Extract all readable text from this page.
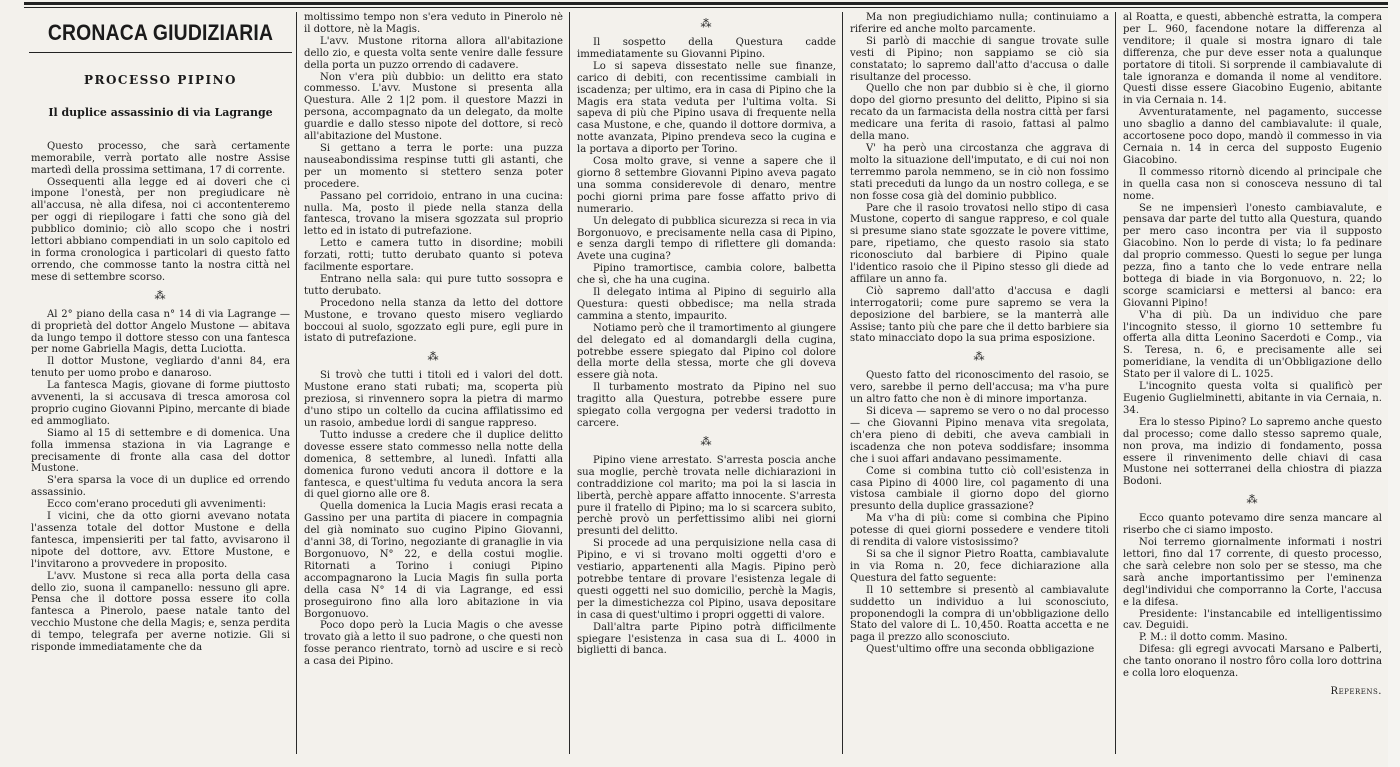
CRONACA GIUDIZIARIA
PROCESSO PIPINO
Il duplice assassinio di via Lagrange

Questo processo, che sarà certamente memorabile, verrà portato alle nostre Assise martedì della prossima settimana, 17 di corrente.

Ossequenti alla legge ed ai doveri che ci impone l'onestà, per non pregiudicare nè all'accusa, nè alla difesa, noi ci accontenteremo per oggi di riepilogare i fatti che sono già del pubblico dominio; ciò allo scopo che i nostri lettori abbiano compendiati in un solo capitolo ed in forma cronologica i particolari di questo fatto orrendo, che commosse tanto la nostra città nel mese di settembre scorso.

⁂

Al 2° piano della casa n° 14 di via Lagrange — di proprietà del dottor Angelo Mustone — abitava da lungo tempo il dottore stesso con una fantesca per nome Gabriella Magis, detta Luciotta.

Il dottor Mustone, vegliardo d'anni 84, era tenuto per uomo probo e danaroso.

La fantesca Magis, giovane di forme piuttosto avvenenti, la si accusava di tresca amorosa col proprio cugino Giovanni Pipino, mercante di biade ed ammogliato.

Siamo al 15 di settembre e di domenica. Una folla immensa staziona in via Lagrange e precisamente di fronte alla casa del dottor Mustone.

S'era sparsa la voce di un duplice ed orrendo assassinio.

Ecco com'erano proceduti gli avvenimenti:

I vicini, che da otto giorni avevano notata l'assenza totale del dottor Mustone e della fantesca, impensieriti per tal fatto, avvisarono il nipote del dottore, avv. Ettore Mustone, e l'invitarono a provvedere in proposito.

L'avv. Mustone si reca alla porta della casa dello zio, suona il campanello: nessuno gli apre. Pensa che il dottore possa essere ito colla fantesca a Pinerolo, paese natale tanto del vecchio Mustone che della Magis; e, senza perdita di tempo, telegrafa per averne notizie. Gli si risponde immediatamente che da

moltissimo tempo non s'era veduto in Pinerolo nè il dottore, nè la Magis.

L'avv. Mustone ritorna allora all'abitazione dello zio, e questa volta sente venire dalle fessure della porta un puzzo orrendo di cadavere.

Non v'era più dubbio: un delitto era stato commesso. L'avv. Mustone si presenta alla Questura. Alle 2 1|2 pom. il questore Mazzi in persona, accompagnato da un delegato, da molte guardie e dallo stesso nipote del dottore, si recò all'abitazione del Mustone.

Si gettano a terra le porte: una puzza nauseabondissima respinse tutti gli astanti, che per un momento si stettero senza poter procedere.

Passano pel corridoio, entrano in una cucina: nulla. Ma, posto il piede nella stanza della fantesca, trovano la misera sgozzata sul proprio letto ed in istato di putrefazione.

Letto e camera tutto in disordine; mobili forzati, rotti; tutto derubato quanto si poteva facilmente esportare.

Entrano nella sala: qui pure tutto sossopra e tutto derubato.

Procedono nella stanza da letto del dottore Mustone, e trovano questo misero vegliardo boccoui al suolo, sgozzato egli pure, egli pure in istato di putrefazione.

⁂

Si trovò che tutti i titoli ed i valori del dott. Mustone erano stati rubati; ma, scoperta più preziosa, si rinvennero sopra la pietra di marmo d'uno stipo un coltello da cucina affilatissimo ed un rasoio, ambedue lordi di sangue rappreso.

Tutto indusse a credere che il duplice delitto dovesse essere stato commesso nella notte della domenica, 8 settembre, al lunedì. Infatti alla domenica furono veduti ancora il dottore e la fantesca, e quest'ultima fu veduta ancora la sera di quel giorno alle ore 8.

Quella domenica la Lucia Magis erasi recata a Gassino per una partita di piacere in compagnia del già nominato suo cugino Pipino Giovanni, d'anni 38, di Torino, negoziante di granaglie in via Borgonuovo, N° 22, e della costui moglie. Ritornati a Torino i coniugi Pipino accompagnarono la Lucia Magis fin sulla porta della casa N° 14 di via Lagrange, ed essi proseguirono fino alla loro abitazione in via Borgonuovo.

Poco dopo però la Lucia Magis o che avesse trovato già a letto il suo padrone, o che questi non fosse peranco rientrato, tornò ad uscire e si recò a casa dei Pipino.

⁂

Il sospetto della Questura cadde immediatamente su Giovanni Pipino.

Lo si sapeva dissestato nelle sue finanze, carico di debiti, con recentissime cambiali in iscadenza; per ultimo, era in casa di Pipino che la Magis era stata veduta per l'ultima volta. Si sapeva di più che Pipino usava di frequente nella casa Mustone, e che, quando il dottore dormiva, a notte avanzata, Pipino prendeva seco la cugina e la portava a diporto per Torino.

Cosa molto grave, si venne a sapere che il giorno 8 settembre Giovanni Pipino aveva pagato una somma considerevole di denaro, mentre pochi giorni prima pare fosse affatto privo di numerario.

Un delegato di pubblica sicurezza si reca in via Borgonuovo, e precisamente nella casa di Pipino, e senza dargli tempo di riflettere gli domanda: Avete una cugina?

Pipino tramortisce, cambia colore, balbetta che sì, che ha una cugina.

Il delegato intima al Pipino di seguirlo alla Questura: questi obbedisce; ma nella strada cammina a stento, impaurito.

Notiamo però che il tramortimento al giungere del delegato ed al domandargli della cugina, potrebbe essere spiegato dal Pipino col dolore della morte della stessa, morte che gli doveva essere già nota.

Il turbamento mostrato da Pipino nel suo tragitto alla Questura, potrebbe essere pure spiegato colla vergogna per vedersi tradotto in carcere.

⁂

Pipino viene arrestato. S'arresta poscia anche sua moglie, perchè trovata nelle dichiarazioni in contraddizione col marito; ma poi la si lascia in libertà, perchè appare affatto innocente. S'arresta pure il fratello di Pipino; ma lo si scarcera subito, perchè provò un perfettissimo alibi nei giorni presunti del delitto.

Si procede ad una perquisizione nella casa di Pipino, e vi si trovano molti oggetti d'oro e vestiario, appartenenti alla Magis. Pipino però potrebbe tentare di provare l'esistenza legale di questi oggetti nel suo domicilio, perchè la Magis, per la dimestichezza col Pipino, usava depositare in casa di quest'ultimo i propri oggetti di valore.

Dall'altra parte Pipino potrà difficilmente spiegare l'esistenza in casa sua di L. 4000 in biglietti di banca.

Ma non pregiudichiamo nulla; continuiamo a riferire ed anche molto parcamente.

Si parlò di macchie di sangue trovate sulle vesti di Pipino; non sappiamo se ciò sia constatato; lo sapremo dall'atto d'accusa o dalle risultanze del processo.

Quello che non par dubbio si è che, il giorno dopo del giorno presunto del delitto, Pipino si sia recato da un farmacista della nostra città per farsi medicare una ferita di rasoio, fattasi al palmo della mano.

V' ha però una circostanza che aggrava di molto la situazione dell'imputato, e di cui noi non terremmo parola nemmeno, se in ciò non fossimo stati preceduti da lungo da un nostro collega, e se non fosse cosa già del dominio pubblico.

Pare che il rasoio trovatosi nello stipo di casa Mustone, coperto di sangue rappreso, e col quale si presume siano state sgozzate le povere vittime, pare, ripetiamo, che questo rasoio sia stato riconosciuto dal barbiere di Pipino quale l'identico rasoio che il Pipino stesso gli diede ad affilare un anno fa.

Ciò sapremo dall'atto d'accusa e dagli interrogatorii; come pure sapremo se vera la deposizione del barbiere, se la manterrà alle Assise; tanto più che pare che il detto barbiere sia stato minacciato dopo la sua prima esposizione.

⁂

Questo fatto del riconoscimento del rasoio, se vero, sarebbe il perno dell'accusa; ma v'ha pure un altro fatto che non è di minore importanza.

Si diceva — sapremo se vero o no dal processo — che Giovanni Pipino menava vita sregolata, ch'era pieno di debiti, che aveva cambiali in iscadenza che non poteva soddisfare; insomma che i suoi affari andavano pessimamente.

Come si combina tutto ciò coll'esistenza in casa Pipino di 4000 lire, col pagamento di una vistosa cambiale il giorno dopo del giorno presunto della duplice grassazione?

Ma v'ha di più: come si combina che Pipino potesse di quei giorni possedere e vendere titoli di rendita di valore vistosissimo?

Si sa che il signor Pietro Roatta, cambiavalute in via Roma n. 20, fece dichiarazione alla Questura del fatto seguente:

Il 10 settembre si presentò al cambiavalute suddetto un individuo a lui sconosciuto, proponendogli la compra di un'obbligazione dello Stato del valore di L. 10,450. Roatta accetta e ne paga il prezzo allo sconosciuto.

Quest'ultimo offre una seconda obbligazione

al Roatta, e questi, abbenchè estratta, la compera per L. 960, facendone notare la differenza al venditore; il quale si mostra ignaro di tale differenza, che pur deve esser nota a qualunque portatore di titoli. Si sorprende il cambiavalute di tale ignoranza e domanda il nome al venditore. Questi disse essere Giacobino Eugenio, abitante in via Cernaia n. 14.

Avventuratamente, nel pagamento, successe uno sbaglio a danno del cambiavalute: il quale, accortosene poco dopo, mandò il commesso in via Cernaia n. 14 in cerca del supposto Eugenio Giacobino.

Il commesso ritornò dicendo al principale che in quella casa non si conosceva nessuno di tal nome.

Se ne impensierì l'onesto cambiavalute, e pensava dar parte del tutto alla Questura, quando per mero caso incontra per via il supposto Giacobino. Non lo perde di vista; lo fa pedinare dal proprio commesso. Questi lo segue per lunga pezza, fino a tanto che lo vede entrare nella bottega di biade in via Borgonuovo, n. 22; lo scorge scamiciarsi e mettersi al banco: era Giovanni Pipino!

V'ha di più. Da un individuo che pare l'incognito stesso, il giorno 10 settembre fu offerta alla ditta Leonino Sacerdoti e Comp., via S. Teresa, n. 6, e precisamente alle sei pomeridiane, la vendita di un'Obbligazione dello Stato per il valore di L. 1025.

L'incognito questa volta si qualificò per Eugenio Guglielminetti, abitante in via Cernaia, n. 34.

Era lo stesso Pipino? Lo sapremo anche questo dal processo; come dallo stesso sapremo quale, non prova, ma indizio di fondamento, possa essere il rinvenimento delle chiavi di casa Mustone nei sotterranei della chiostra di piazza Bodoni.

⁂

Ecco quanto potevamo dire senza mancare al riserbo che ci siamo imposto.

Noi terremo giornalmente informati i nostri lettori, fino dal 17 corrente, di questo processo, che sarà celebre non solo per se stesso, ma che sarà anche importantissimo per l'eminenza degl'individui che comporranno la Corte, l'accusa e la difesa.

Presidente: l'instancabile ed intelligentissimo cav. Deguidi.

P. M.: il dotto comm. Masino.

Difesa: gli egregi avvocati Marsano e Palberti, che tanto onorano il nostro fôro colla loro dottrina e colla loro eloquenza.

Reperens.
